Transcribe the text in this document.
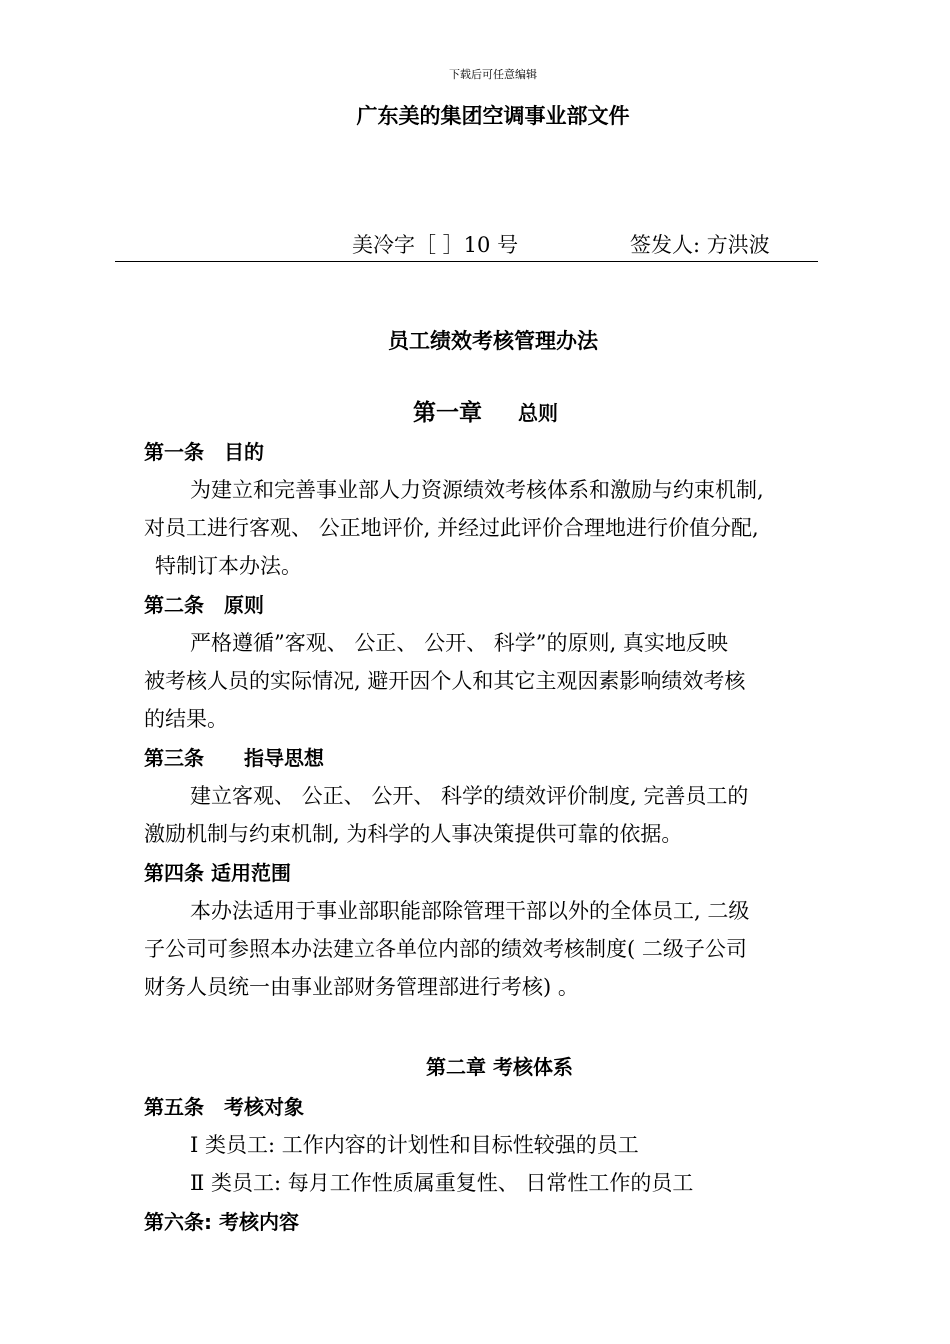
下载后可任意编辑
广东美的集团空调事业部文件
美冷字［ ］10 号	签发人: 方洪波
员工绩效考核管理办法
第一章 总则
第一条　目的
为建立和完善事业部人力资源绩效考核体系和激励与约束机制,
对员工进行客观、 公正地评价, 并经过此评价合理地进行价值分配,
特制订本办法。
第二条　原则
严格遵循”客观、 公正、 公开、 科学”的原则, 真实地反映
被考核人员的实际情况, 避开因个人和其它主观因素影响绩效考核
的结果。
第三条　　指导思想
建立客观、 公正、 公开、 科学的绩效评价制度, 完善员工的
激励机制与约束机制, 为科学的人事决策提供可靠的依据。
第四条 适用范围
本办法适用于事业部职能部除管理干部以外的全体员工, 二级
子公司可参照本办法建立各单位内部的绩效考核制度( 二级子公司
财务人员统一由事业部财务管理部进行考核) 。
第二章 考核体系
第五条　考核对象
Ⅰ 类员工: 工作内容的计划性和目标性较强的员工
Ⅱ 类员工: 每月工作性质属重复性、 日常性工作的员工
第六条: 考核内容
